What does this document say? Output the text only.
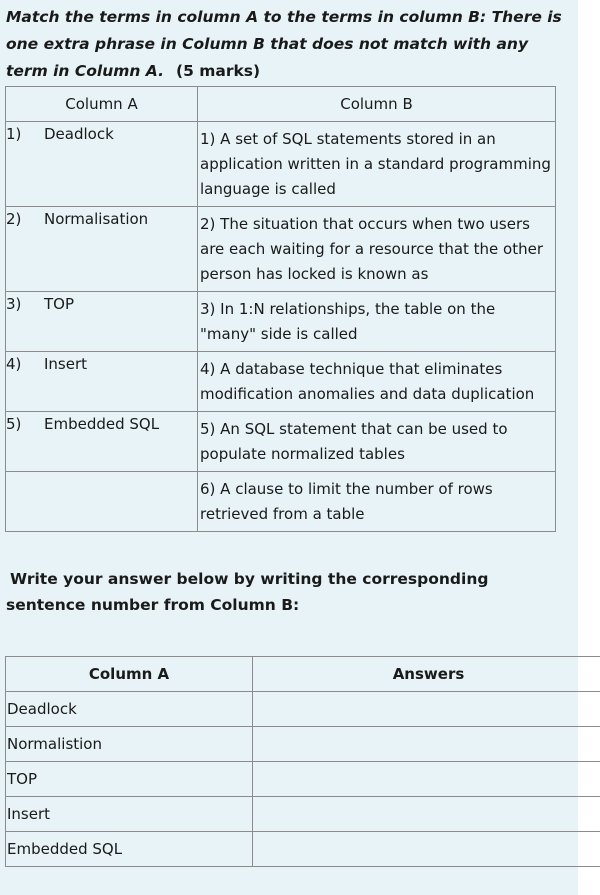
Match the terms in column A to the terms in column B: There is one extra phrase in Column B that does not match with any term in Column A. (5 marks)

Column A	Column B
1) Deadlock	1) A set of SQL statements stored in an application written in a standard programming language is called
2) Normalisation	2) The situation that occurs when two users are each waiting for a resource that the other person has locked is known as
3) TOP	3) In 1:N relationships, the table on the "many" side is called
4) Insert	4) A database technique that eliminates modification anomalies and data duplication
5) Embedded SQL	5) An SQL statement that can be used to populate normalized tables
	6) A clause to limit the number of rows retrieved from a table

Write your answer below by writing the corresponding sentence number from Column B:

Column A	Answers
Deadlock	
Normalistion	
TOP	
Insert	
Embedded SQL	
